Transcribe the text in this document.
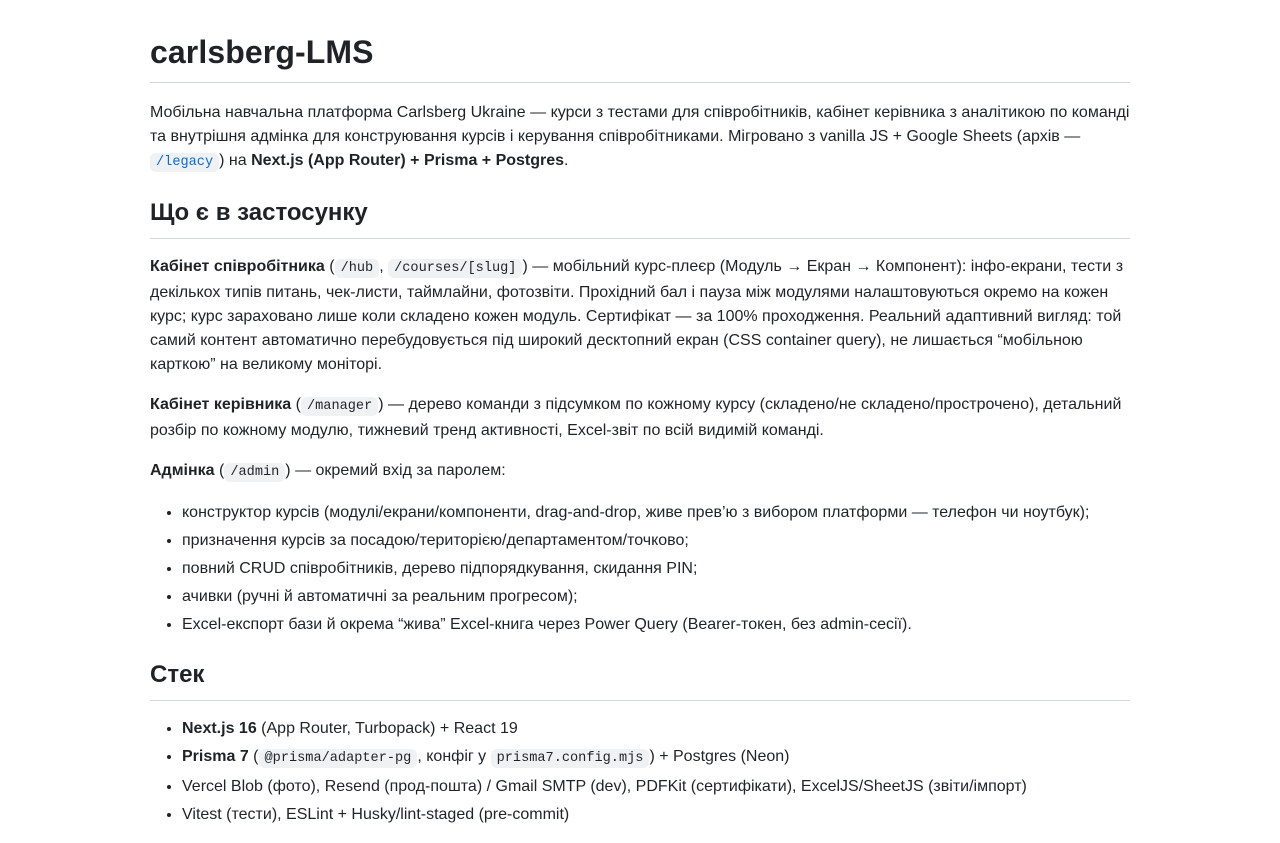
carlsberg-LMS

Мобільна навчальна платформа Carlsberg Ukraine — курси з тестами для співробітників, кабінет керівника з аналітикою по команді та внутрішня адмінка для конструювання курсів і керування співробітниками. Мігровано з vanilla JS + Google Sheets (архів — /legacy ) на Next.js (App Router) + Prisma + Postgres.

Що є в застосунку

Кабінет співробітника ( /hub , /courses/[slug] ) — мобільний курс-плеєр (Модуль → Екран → Компонент): інфо-екрани, тести з декількох типів питань, чек-листи, таймлайни, фотозвіти. Прохідний бал і пауза між модулями налаштовуються окремо на кожен курс; курс зараховано лише коли складено кожен модуль. Сертифікат — за 100% проходження. Реальний адаптивний вигляд: той самий контент автоматично перебудовується під широкий десктопний екран (CSS container query), не лишається “мобільною карткою” на великому моніторі.

Кабінет керівника ( /manager ) — дерево команди з підсумком по кожному курсу (складено/не складено/прострочено), детальний розбір по кожному модулю, тижневий тренд активності, Excel-звіт по всій видимій команді.

Адмінка ( /admin ) — окремий вхід за паролем:

• конструктор курсів (модулі/екрани/компоненти, drag-and-drop, живе прев’ю з вибором платформи — телефон чи ноутбук);
• призначення курсів за посадою/територією/департаментом/точково;
• повний CRUD співробітників, дерево підпорядкування, скидання PIN;
• ачивки (ручні й автоматичні за реальним прогресом);
• Excel-експорт бази й окрема “жива” Excel-книга через Power Query (Bearer-токен, без admin-сесії).
Стек
• Next.js 16 (App Router, Turbopack) + React 19
• Prisma 7 ( @prisma/adapter-pg , конфіг у prisma7.config.mjs ) + Postgres (Neon)
• Vercel Blob (фото), Resend (прод-пошта) / Gmail SMTP (dev), PDFKit (сертифікати), ExcelJS/SheetJS (звіти/імпорт)
• Vitest (тести), ESLint + Husky/lint-staged (pre-commit)
